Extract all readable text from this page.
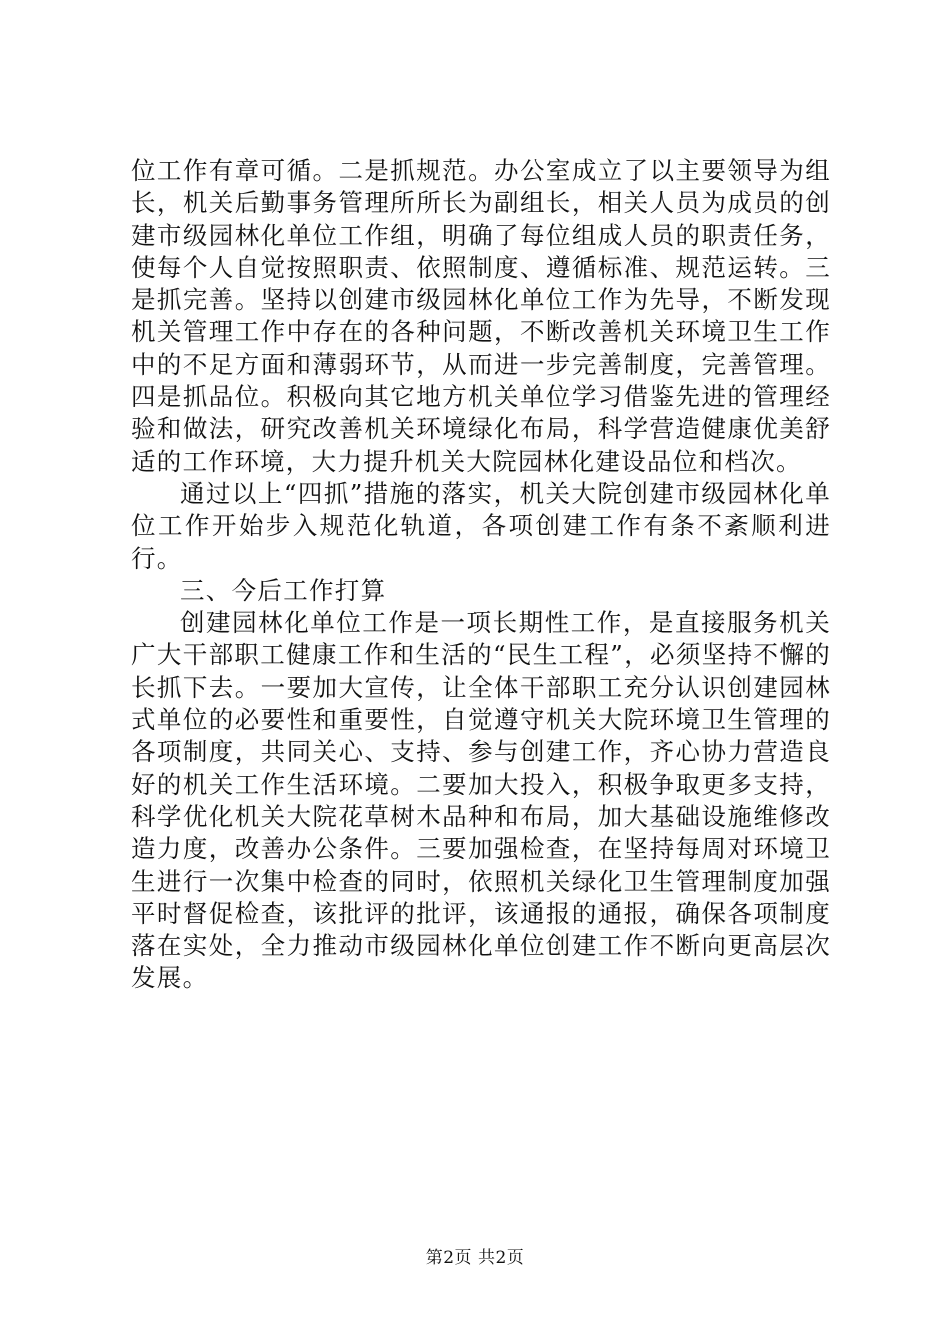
位工作有章可循。二是抓规范。办公室成立了以主要领导为组长，机关后勤事务管理所所长为副组长，相关人员为成员的创建市级园林化单位工作组，明确了每位组成人员的职责任务，使每个人自觉按照职责、依照制度、遵循标准、规范运转。三是抓完善。坚持以创建市级园林化单位工作为先导，不断发现机关管理工作中存在的各种问题，不断改善机关环境卫生工作中的不足方面和薄弱环节，从而进一步完善制度，完善管理。四是抓品位。积极向其它地方机关单位学习借鉴先进的管理经验和做法，研究改善机关环境绿化布局，科学营造健康优美舒适的工作环境，大力提升机关大院园林化建设品位和档次。

通过以上“四抓”措施的落实，机关大院创建市级园林化单位工作开始步入规范化轨道，各项创建工作有条不紊顺利进行。

三、今后工作打算

创建园林化单位工作是一项长期性工作，是直接服务机关广大干部职工健康工作和生活的“民生工程”，必须坚持不懈的长抓下去。一要加大宣传，让全体干部职工充分认识创建园林式单位的必要性和重要性，自觉遵守机关大院环境卫生管理的各项制度，共同关心、支持、参与创建工作，齐心协力营造良好的机关工作生活环境。二要加大投入，积极争取更多支持，科学优化机关大院花草树木品种和布局，加大基础设施维修改造力度，改善办公条件。三要加强检查，在坚持每周对环境卫生进行一次集中检查的同时，依照机关绿化卫生管理制度加强平时督促检查，该批评的批评，该通报的通报，确保各项制度落在实处，全力推动市级园林化单位创建工作不断向更高层次发展。

第2页 共2页
